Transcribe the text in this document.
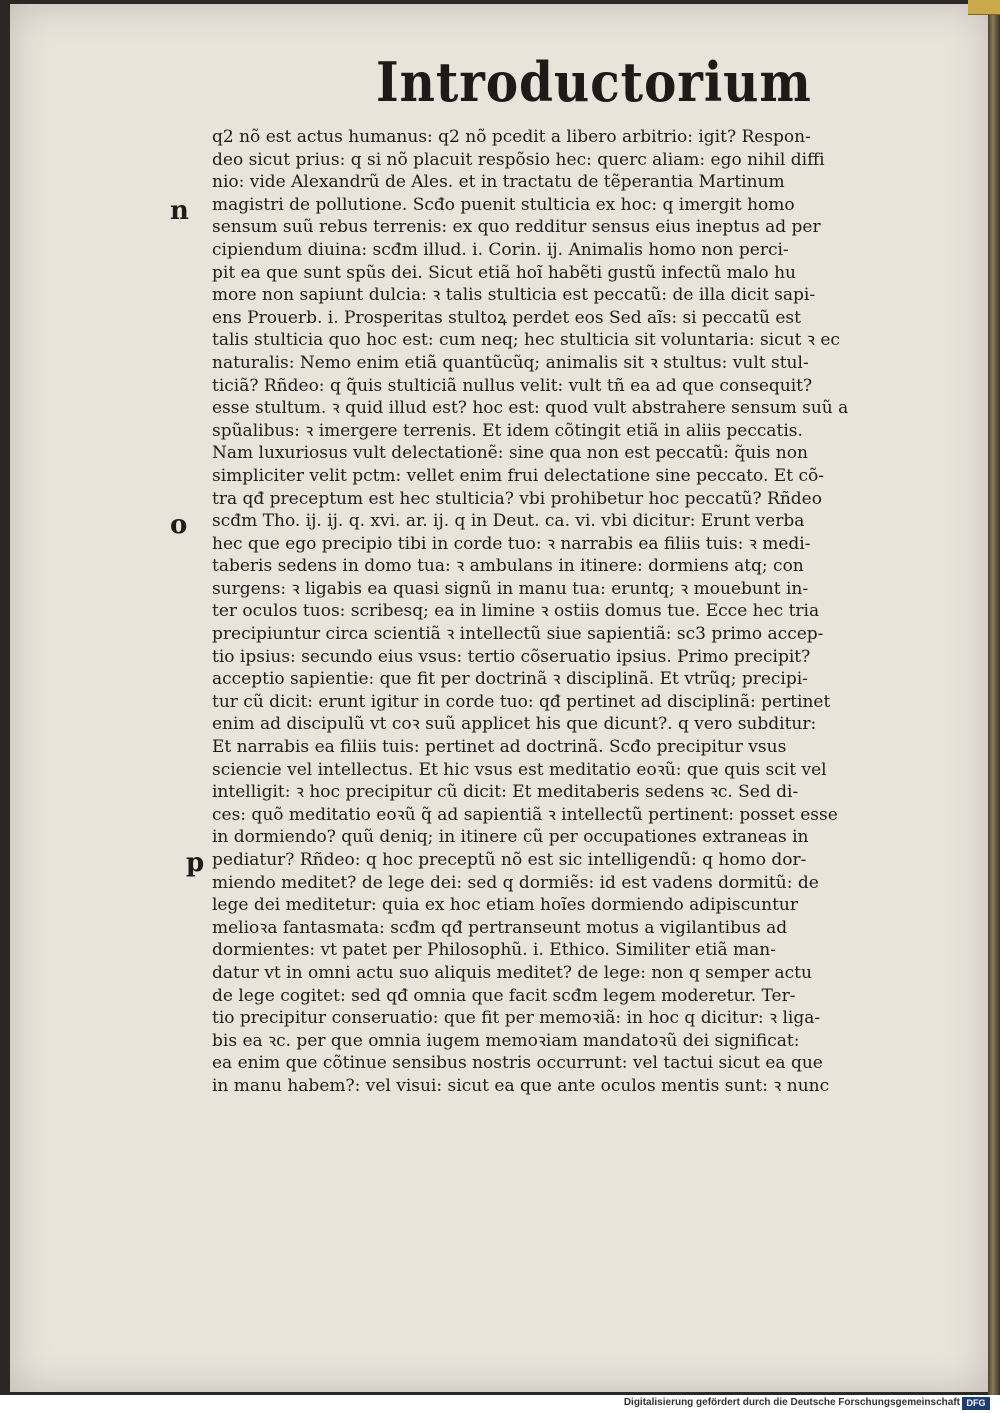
Introductorium
n
o
p
q2 nõ est actus humanus: q2 nõ pcedit a libero arbitrio: igit? Respon-
deo sicut prius: q si nõ placuit respõsio hec: querc aliam: ego nihil diffi
nio: vide Alexandrũ de Ales. et in tractatu de tẽperantia Martinum
magistri de pollutione. Scđo puenit stulticia ex hoc: q imergit homo
sensum suũ rebus terrenis: ex quo redditur sensus eius ineptus ad per
cipiendum diuina: scđm illud. i. Corin. ij. Animalis homo non perci-
pit ea que sunt spũs dei. Sicut etiã hoĩ habẽti gustũ infectũ malo hu
more non sapiunt dulcia: ꝛ talis stulticia est peccatũ: de illa dicit sapi-
ens Prouerb. i. Prosperitas stultoꝝ perdet eos Sed aĩs: si peccatũ est
talis stulticia quo hoc est: cum neq; hec stulticia sit voluntaria: sicut ꝛ ec
naturalis: Nemo enim etiã quantũcũq; animalis sit ꝛ stultus: vult stul-
ticiã? Rñdeo: q q̃uis stulticiã nullus velit: vult tñ ea ad que consequit?
esse stultum. ꝛ quid illud est? hoc est: quod vult abstrahere sensum suũ a
spũalibus: ꝛ imergere terrenis. Et idem cõtingit etiã in aliis peccatis.
Nam luxuriosus vult delectationẽ: sine qua non est peccatũ: q̃uis non
simpliciter velit pctm: vellet enim frui delectatione sine peccato. Et cõ-
tra qđ preceptum est hec stulticia? vbi prohibetur hoc peccatũ? Rñdeo
scđm Tho. ij. ij. q. xvi. ar. ij. q in Deut. ca. vi. vbi dicitur: Erunt verba
hec que ego precipio tibi in corde tuo: ꝛ narrabis ea filiis tuis: ꝛ medi-
taberis sedens in domo tua: ꝛ ambulans in itinere: dormiens atq; con
surgens: ꝛ ligabis ea quasi signũ in manu tua: eruntq; ꝛ mouebunt in-
ter oculos tuos: scribesq; ea in limine ꝛ ostiis domus tue. Ecce hec tria
precipiuntur circa scientiã ꝛ intellectũ siue sapientiã: sc3 primo accep-
tio ipsius: secundo eius vsus: tertio cõseruatio ipsius. Primo precipit?
acceptio sapientie: que fit per doctrinã ꝛ disciplinã. Et vtrũq; precipi-
tur cũ dicit: erunt igitur in corde tuo: qđ pertinet ad disciplinã: pertinet
enim ad discipulũ vt coꝛ suũ applicet his que dicunt?. q vero subditur:
Et narrabis ea filiis tuis: pertinet ad doctrinã. Scđo precipitur vsus
sciencie vel intellectus. Et hic vsus est meditatio eoꝛũ: que quis scit vel
intelligit: ꝛ hoc precipitur cũ dicit: Et meditaberis sedens ꝛc. Sed di-
ces: quõ meditatio eoꝛũ q̃ ad sapientiã ꝛ intellectũ pertinent: posset esse
in dormiendo? quũ deniq; in itinere cũ per occupationes extraneas in
pediatur? Rñdeo: q hoc preceptũ nõ est sic intelligendũ: q homo dor-
miendo meditet? de lege dei: sed q dormiẽs: id est vadens dormitũ: de
lege dei meditetur: quia ex hoc etiam hoĩes dormiendo adipiscuntur
melioꝛa fantasmata: scđm qđ pertranseunt motus a vigilantibus ad
dormientes: vt patet per Philosophũ. i. Ethico. Similiter etiã man-
datur vt in omni actu suo aliquis meditet? de lege: non q semper actu
de lege cogitet: sed qđ omnia que facit scđm legem moderetur. Ter-
tio precipitur conseruatio: que fit per memoꝛiã: in hoc q dicitur: ꝛ liga-
bis ea ꝛc. per que omnia iugem memoꝛiam mandatoꝛũ dei significat:
ea enim que cõtinue sensibus nostris occurrunt: vel tactui sicut ea que
in manu habem?: vel visui: sicut ea que ante oculos mentis sunt: ꝛ nunc
Digitalisierung gefördert durch die Deutsche Forschungsgemeinschaft DFG
